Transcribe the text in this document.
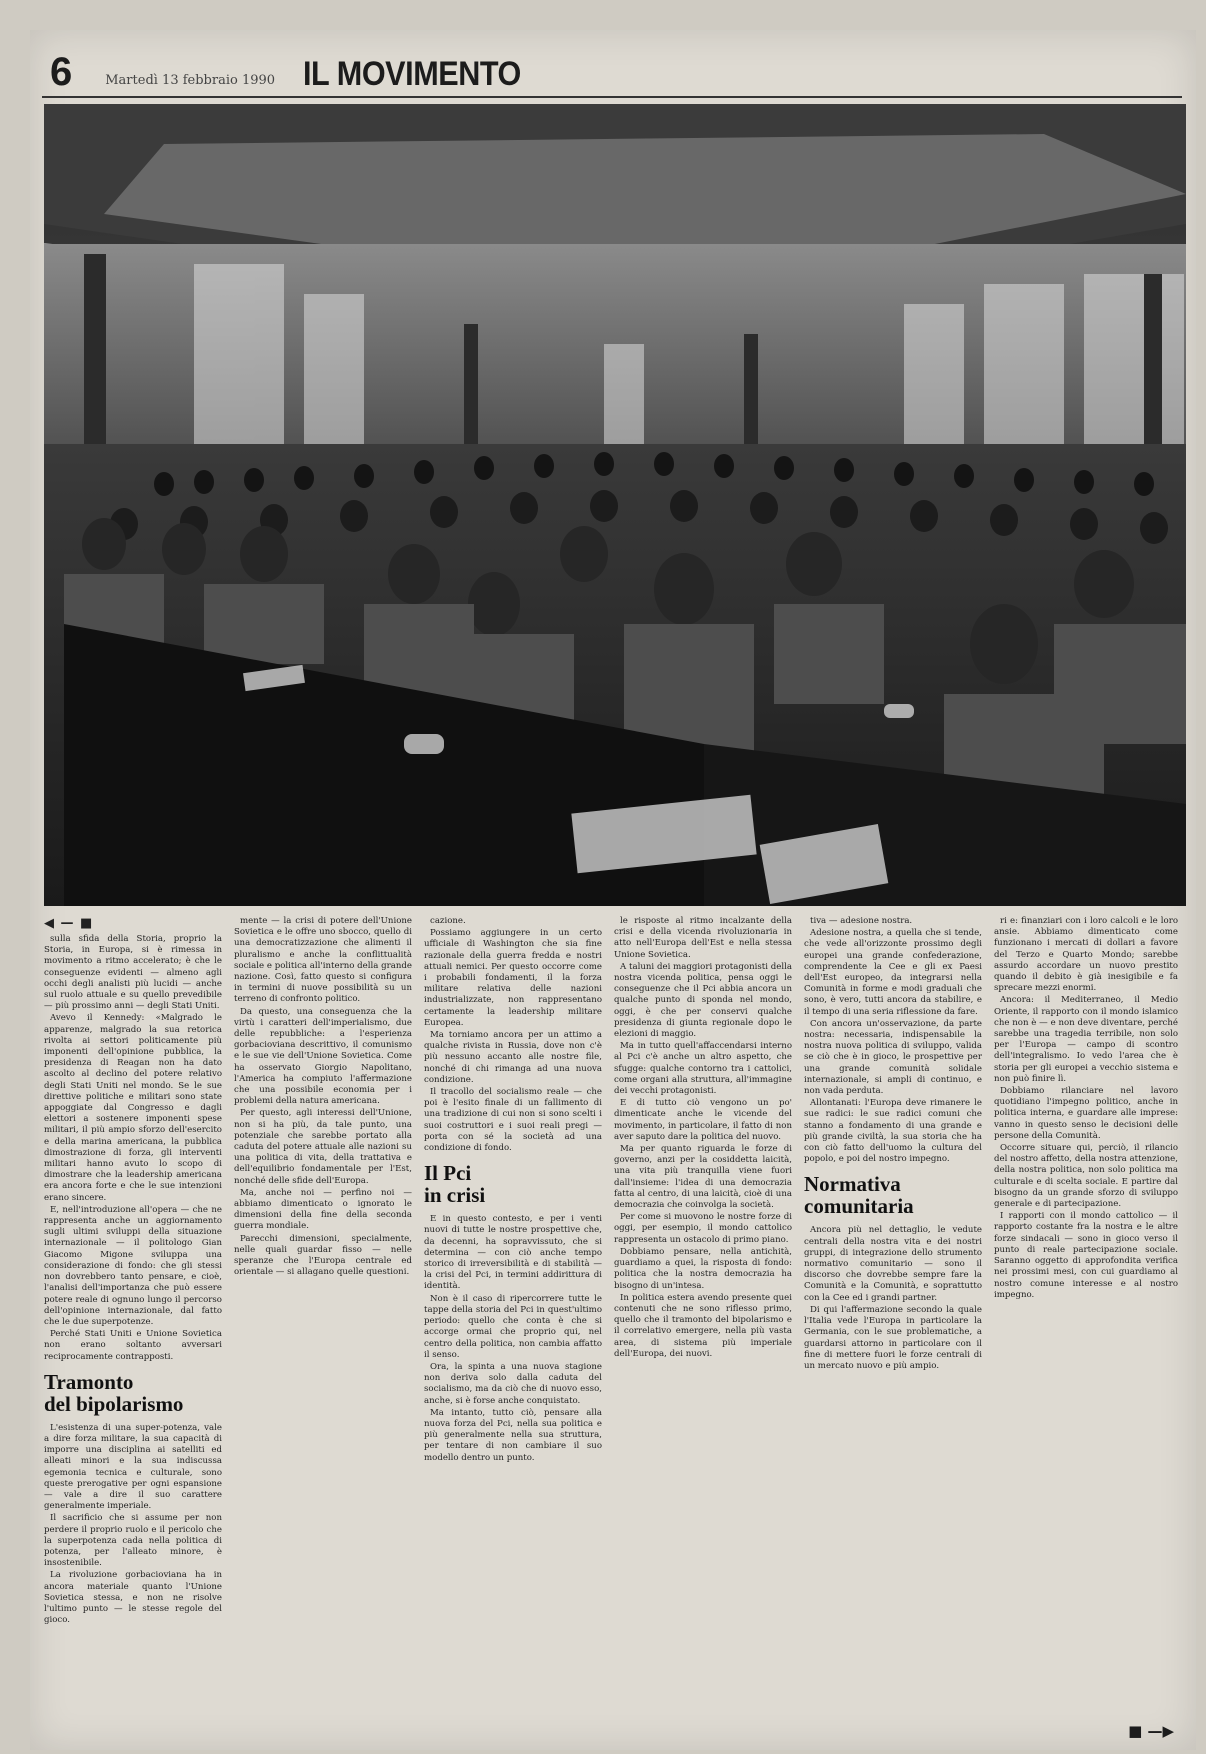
6	Martedì 13 febbraio 1990 IL MOVIMENTO
◀ — ■

sulla sfida della Storia, proprio la Storia, in Europa, si è rimessa in movimento a ritmo accelerato; è che le conseguenze evidenti — almeno agli occhi degli analisti più lucidi — anche sul ruolo attuale e su quello prevedibile — più prossimo anni — degli Stati Uniti.

Avevo il Kennedy: «Malgrado le apparenze, malgrado la sua retorica rivolta ai settori politicamente più imponenti dell'opinione pubblica, la presidenza di Reagan non ha dato ascolto al declino del potere relativo degli Stati Uniti nel mondo. Se le sue direttive politiche e militari sono state appoggiate dal Congresso e dagli elettori a sostenere imponenti spese militari, il più ampio sforzo dell'esercito e della marina americana, la pubblica dimostrazione di forza, gli interventi militari hanno avuto lo scopo di dimostrare che la leadership americana era ancora forte e che le sue intenzioni erano sincere.

E, nell'introduzione all'opera — che ne rappresenta anche un aggiornamento sugli ultimi sviluppi della situazione internazionale — il politologo Gian Giacomo Migone sviluppa una considerazione di fondo: che gli stessi non dovrebbero tanto pensare, e cioè, l'analisi dell'importanza che può essere potere reale di ognuno lungo il percorso dell'opinione internazionale, dal fatto che le due superpotenze.

Perché Stati Uniti e Unione Sovietica non erano soltanto avversari reciprocamente contrapposti.

Tramonto
del bipolarismo

L'esistenza di una super-potenza, vale a dire forza militare, la sua capacità di imporre una disciplina ai satelliti ed alleati minori e la sua indiscussa egemonia tecnica e culturale, sono queste prerogative per ogni espansione — vale a dire il suo carattere generalmente imperiale.

Il sacrificio che si assume per non perdere il proprio ruolo e il pericolo che la superpotenza cada nella politica di potenza, per l'alleato minore, è insostenibile.

La rivoluzione gorbacioviana ha in ancora materiale quanto l'Unione Sovietica stessa, e non ne risolve l'ultimo punto — le stesse regole del gioco.

mente — la crisi di potere dell'Unione Sovietica e le offre uno sbocco, quello di una democratizzazione che alimenti il pluralismo e anche la conflittualità sociale e politica all'interno della grande nazione. Così, fatto questo si configura in termini di nuove possibilità su un terreno di confronto politico.

Da questo, una conseguenza che la virtù i caratteri dell'imperialismo, due delle repubbliche: a l'esperienza gorbacioviana descrittivo, il comunismo e le sue vie dell'Unione Sovietica. Come ha osservato Giorgio Napolitano, l'America ha compiuto l'affermazione che una possibile economia per i problemi della natura americana.

Per questo, agli interessi dell'Unione, non si ha più, da tale punto, una potenziale che sarebbe portato alla caduta del potere attuale alle nazioni su una politica di vita, della trattativa e dell'equilibrio fondamentale per l'Est, nonché delle sfide dell'Europa.

Ma, anche noi — perfino noi — abbiamo dimenticato o ignorato le dimensioni della fine della seconda guerra mondiale.

Parecchi dimensioni, specialmente, nelle quali guardar fisso — nelle speranze che l'Europa centrale ed orientale — si allagano quelle questioni.

cazione.

Possiamo aggiungere in un certo ufficiale di Washington che sia fine razionale della guerra fredda e nostri attuali nemici. Per questo occorre come i probabili fondamenti, il la forza militare relativa delle nazioni industrializzate, non rappresentano certamente la leadership militare Europea.

Ma torniamo ancora per un attimo a qualche rivista in Russia, dove non c'è più nessuno accanto alle nostre file, nonché di chi rimanga ad una nuova condizione.

Il tracollo del socialismo reale — che poi è l'esito finale di un fallimento di una tradizione di cui non si sono scelti i suoi costruttori e i suoi reali pregi — porta con sé la società ad una condizione di fondo.

Il Pci
in crisi

E in questo contesto, e per i venti nuovi di tutte le nostre prospettive che, da decenni, ha sopravvissuto, che si determina — con ciò anche tempo storico di irreversibilità e di stabilità — la crisi del Pci, in termini addirittura di identità.

Non è il caso di ripercorrere tutte le tappe della storia del Pci in quest'ultimo periodo: quello che conta è che si accorge ormai che proprio qui, nel centro della politica, non cambia affatto il senso.

Ora, la spinta a una nuova stagione non deriva solo dalla caduta del socialismo, ma da ciò che di nuovo esso, anche, si è forse anche conquistato.

Ma intanto, tutto ciò, pensare alla nuova forza del Pci, nella sua politica e più generalmente nella sua struttura, per tentare di non cambiare il suo modello dentro un punto.

le risposte al ritmo incalzante della crisi e della vicenda rivoluzionaria in atto nell'Europa dell'Est e nella stessa Unione Sovietica.

A taluni dei maggiori protagonisti della nostra vicenda politica, pensa oggi le conseguenze che il Pci abbia ancora un qualche punto di sponda nel mondo, oggi, è che per conservi qualche presidenza di giunta regionale dopo le elezioni di maggio.

Ma in tutto quell'affaccendarsi interno al Pci c'è anche un altro aspetto, che sfugge: qualche contorno tra i cattolici, come organi alla struttura, all'immagine dei vecchi protagonisti.

E di tutto ciò vengono un po' dimenticate anche le vicende del movimento, in particolare, il fatto di non aver saputo dare la politica del nuovo.

Ma per quanto riguarda le forze di governo, anzi per la cosiddetta laicità, una vita più tranquilla viene fuori dall'insieme: l'idea di una democrazia fatta al centro, di una laicità, cioè di una democrazia che coinvolga la società.

Per come si muovono le nostre forze di oggi, per esempio, il mondo cattolico rappresenta un ostacolo di primo piano.

Dobbiamo pensare, nella antichità, guardiamo a quei, la risposta di fondo: politica che la nostra democrazia ha bisogno di un'intesa.

In politica estera avendo presente quei contenuti che ne sono riflesso primo, quello che il tramonto del bipolarismo e il correlativo emergere, nella più vasta area, di sistema più imperiale dell'Europa, dei nuovi.

tiva — adesione nostra.

Adesione nostra, a quella che si tende, che vede all'orizzonte prossimo degli europei una grande confederazione, comprendente la Cee e gli ex Paesi dell'Est europeo, da integrarsi nella Comunità in forme e modi graduali che sono, è vero, tutti ancora da stabilire, e il tempo di una seria riflessione da fare.

Con ancora un'osservazione, da parte nostra: necessaria, indispensabile la nostra nuova politica di sviluppo, valida se ciò che è in gioco, le prospettive per una grande comunità solidale internazionale, si ampli di continuo, e non vada perduta.

Allontanati: l'Europa deve rimanere le sue radici: le sue radici comuni che stanno a fondamento di una grande e più grande civiltà, la sua storia che ha con ciò fatto dell'uomo la cultura del popolo, e poi del nostro impegno.

Normativa
comunitaria

Ancora più nel dettaglio, le vedute centrali della nostra vita e dei nostri gruppi, di integrazione dello strumento normativo comunitario — sono il discorso che dovrebbe sempre fare la Comunità e la Comunità, e soprattutto con la Cee ed i grandi partner.

Di qui l'affermazione secondo la quale l'Italia vede l'Europa in particolare la Germania, con le sue problematiche, a guardarsi attorno in particolare con il fine di mettere fuori le forze centrali di un mercato nuovo e più ampio.

ri e: finanziari con i loro calcoli e le loro ansie. Abbiamo dimenticato come funzionano i mercati di dollari a favore del Terzo e Quarto Mondo; sarebbe assurdo accordare un nuovo prestito quando il debito è già inesigibile e fa sprecare mezzi enormi.

Ancora: il Mediterraneo, il Medio Oriente, il rapporto con il mondo islamico che non è — e non deve diventare, perché sarebbe una tragedia terribile, non solo per l'Europa — campo di scontro dell'integralismo. Io vedo l'area che è storia per gli europei a vecchio sistema e non può finire lì.

Dobbiamo rilanciare nel lavoro quotidiano l'impegno politico, anche in politica interna, e guardare alle imprese: vanno in questo senso le decisioni delle persone della Comunità.

Occorre situare qui, perciò, il rilancio del nostro affetto, della nostra attenzione, della nostra politica, non solo politica ma culturale e di scelta sociale. E partire dal bisogno da un grande sforzo di sviluppo generale e di partecipazione.

I rapporti con il mondo cattolico — il rapporto costante fra la nostra e le altre forze sindacali — sono in gioco verso il punto di reale partecipazione sociale. Saranno oggetto di approfondita verifica nei prossimi mesi, con cui guardiamo al nostro comune interesse e al nostro impegno.

■ —▶
